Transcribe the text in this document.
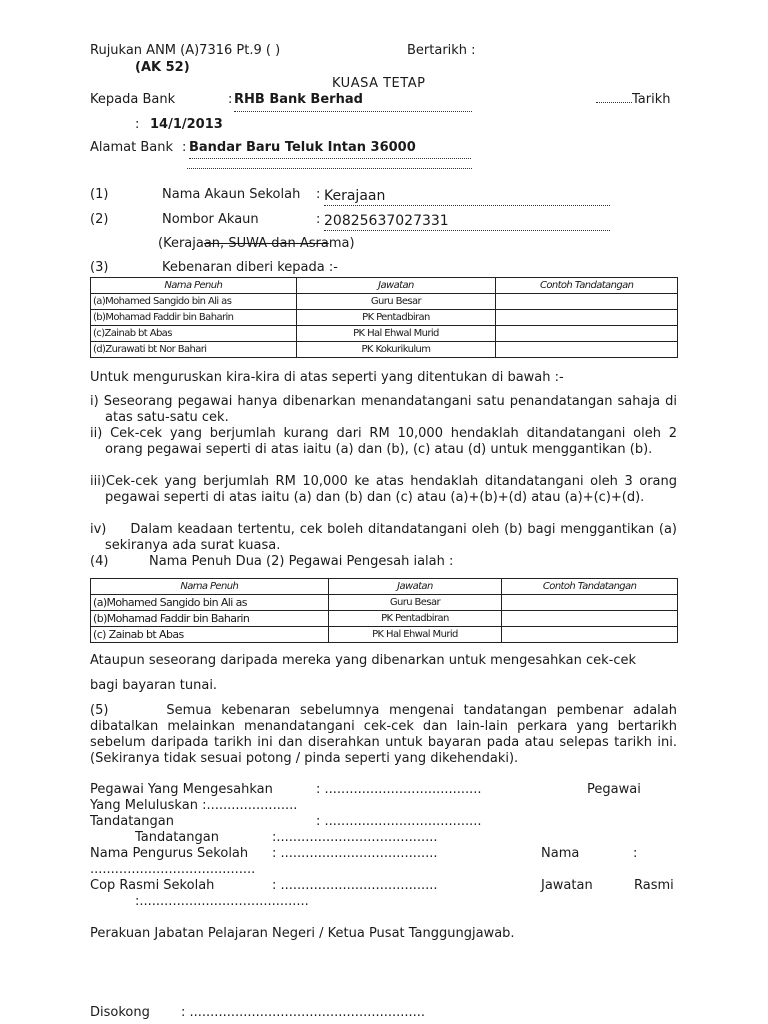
Rujukan ANM (A)7316 Pt.9 ( )	Bertarikh :
(AK 52)
KUASA TETAP
Kepada Bank	: RHB Bank Berhad	Tarikh
: 14/1/2013
Alamat Bank : Bandar Baru Teluk Intan 36000
(1)	Nama Akaun Sekolah : Kerajaan
(2)	Nombor Akaun	: 20825637027331
(Kerajaan, SUWA dan Asrama)
(3)	Kebenaran diberi kepada :-
Nama Penuh	Jawatan	Contoh Tandatangan
(a)Mohamed Sangido bin Ali as	Guru Besar	
(b)Mohamad Faddir bin Baharin	PK Pentadbiran	
(c)Zainab bt Abas	PK Hal Ehwal Murid	
(d)Zurawati bt Nor Bahari	PK Kokurikulum	
Untuk menguruskan kira-kira di atas seperti yang ditentukan di bawah :-
i) Seseorang pegawai hanya dibenarkan menandatangani satu penandatangan sahaja di atas satu-satu cek.
ii) Cek-cek yang berjumlah kurang dari RM 10,000 hendaklah ditandatangani oleh 2 orang pegawai seperti di atas iaitu (a) dan (b), (c) atau (d) untuk menggantikan (b).
iii)Cek-cek yang berjumlah RM 10,000 ke atas hendaklah ditandatangani oleh 3 orang pegawai seperti di atas iaitu (a) dan (b) dan (c) atau (a)+(b)+(d) atau (a)+(c)+(d).
iv) Dalam keadaan tertentu, cek boleh ditandatangani oleh (b) bagi menggantikan (a) sekiranya ada surat kuasa.
(4)	Nama Penuh Dua (2) Pegawai Pengesah ialah :
Nama Penuh	Jawatan	Contoh Tandatangan
(a)Mohamed Sangido bin Ali as	Guru Besar	
(b)Mohamad Faddir bin Baharin	PK Pentadbiran	
(c) Zainab bt Abas	PK Hal Ehwal Murid	
Ataupun seseorang daripada mereka yang dibenarkan untuk mengesahkan cek-cek
bagi bayaran tunai.
(5)	Semua kebenaran sebelumnya mengenai tandatangan pembenar adalah dibatalkan melainkan menandatangani cek-cek dan lain-lain perkara yang bertarikh sebelum daripada tarikh ini dan diserahkan untuk bayaran pada atau selepas tarikh ini. (Sekiranya tidak sesuai potong / pinda seperti yang dikehendaki).
Pegawai Yang Mengesahkan	: ......................................	Pegawai
Yang Meluluskan :......................
Tandatangan	: ......................................
Tandatangan	:.......................................
Nama Pengurus Sekolah : ......................................	Nama	:
........................................
Cop Rasmi Sekolah	: ......................................	Jawatan	Rasmi
:.........................................
Perakuan Jabatan Pelajaran Negeri / Ketua Pusat Tanggungjawab.
Disokong : .........................................................
